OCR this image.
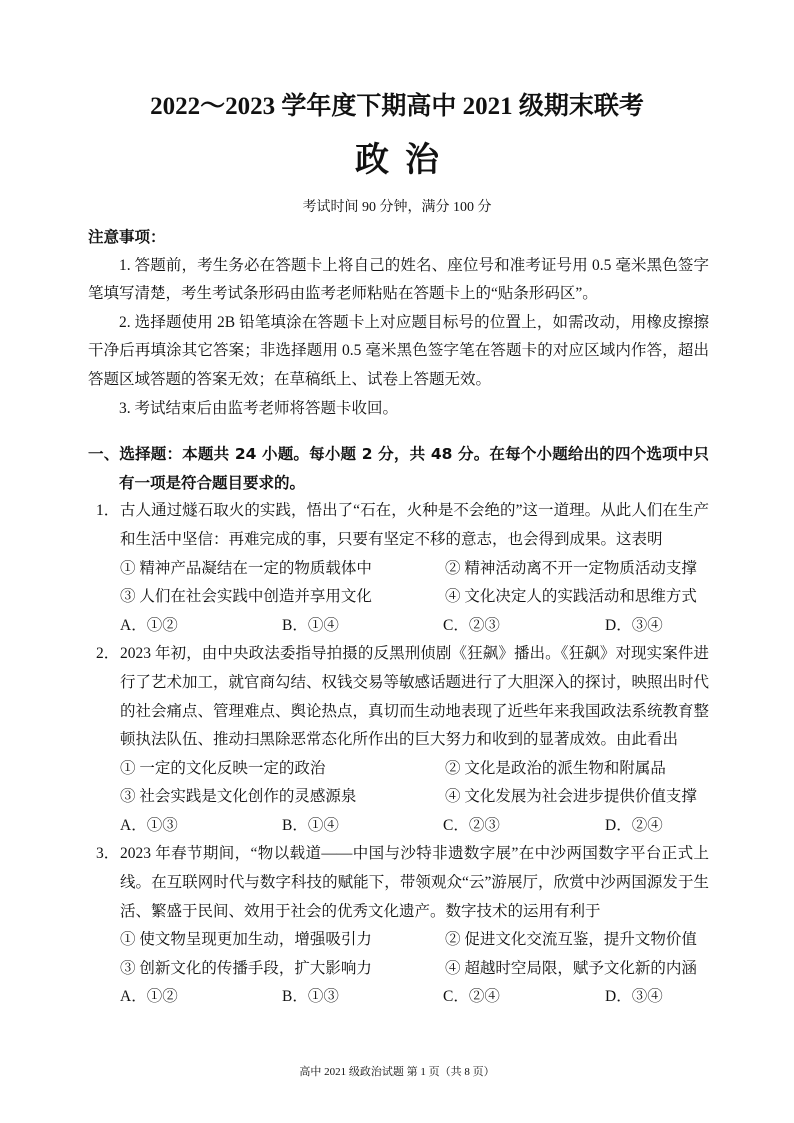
2022～2023 学年度下期高中 2021 级期末联考
政治
考试时间 90 分钟，满分 100 分

注意事项：

1. 答题前，考生务必在答题卡上将自己的姓名、座位号和准考证号用 0.5 毫米黑色签字笔填写清楚，考生考试条形码由监考老师粘贴在答题卡上的“贴条形码区”。

2. 选择题使用 2B 铅笔填涂在答题卡上对应题目标号的位置上，如需改动，用橡皮擦擦干净后再填涂其它答案；非选择题用 0.5 毫米黑色签字笔在答题卡的对应区域内作答，超出答题区域答题的答案无效；在草稿纸上、试卷上答题无效。

3. 考试结束后由监考老师将答题卡收回。

一、选择题：本题共 24 小题。每小题 2 分，共 48 分。在每个小题给出的四个选项中只有一项是符合题目要求的。

1． 古人通过燧石取火的实践，悟出了“石在，火种是不会绝的”这一道理。从此人们在生产和生活中坚信：再难完成的事，只要有坚定不移的意志，也会得到成果。这表明

① 精神产品凝结在一定的物质载体中	② 精神活动离不开一定物质活动支撑
③ 人们在社会实践中创造并享用文化	④ 文化决定人的实践活动和思维方式
A．①②	B．①④	C．②③	D．③④
2． 2023 年初，由中央政法委指导拍摄的反黑刑侦剧《狂飙》播出。《狂飙》对现实案件进行了艺术加工，就官商勾结、权钱交易等敏感话题进行了大胆深入的探讨，映照出时代的社会痛点、管理难点、舆论热点，真切而生动地表现了近些年来我国政法系统教育整顿执法队伍、推动扫黑除恶常态化所作出的巨大努力和收到的显著成效。由此看出

① 一定的文化反映一定的政治	② 文化是政治的派生物和附属品
③ 社会实践是文化创作的灵感源泉	④ 文化发展为社会进步提供价值支撑
A．①③	B．①④	C．②③	D．②④
3． 2023 年春节期间，“物以载道——中国与沙特非遗数字展”在中沙两国数字平台正式上线。在互联网时代与数字科技的赋能下，带领观众“云”游展厅，欣赏中沙两国源发于生活、繁盛于民间、效用于社会的优秀文化遗产。数字技术的运用有利于

① 使文物呈现更加生动，增强吸引力	② 促进文化交流互鉴，提升文物价值
③ 创新文化的传播手段，扩大影响力	④ 超越时空局限，赋予文化新的内涵
A．①②	B．①③	C．②④	D．③④
高中 2021 级政治试题 第 1 页（共 8 页）
